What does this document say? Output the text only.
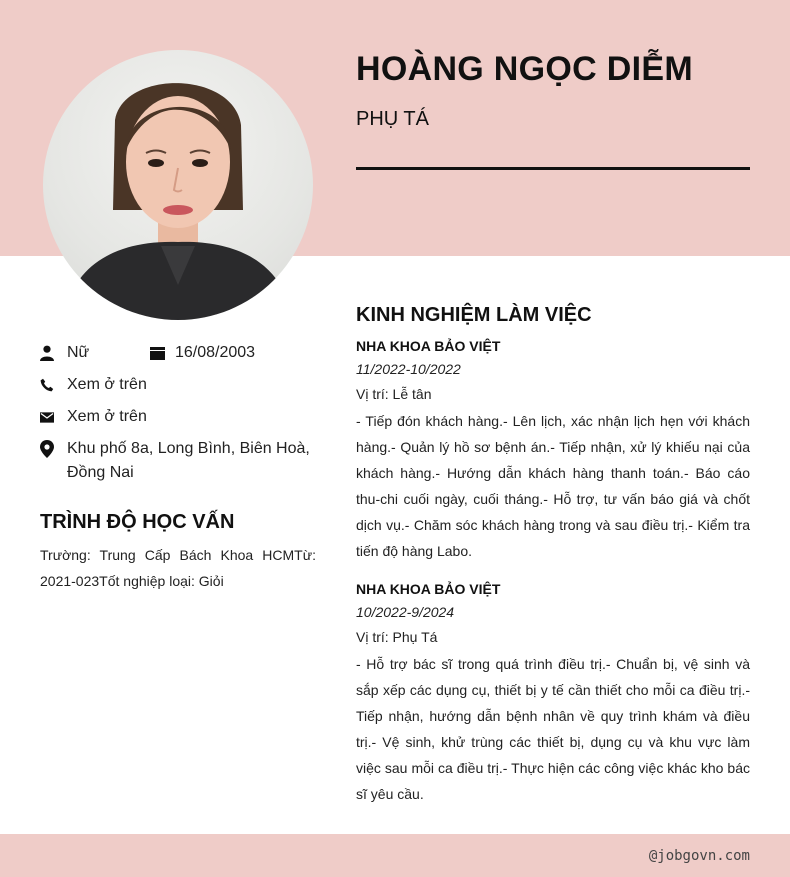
HOÀNG NGỌC DIỄM
PHỤ TÁ
Nữ	16/08/2003
Xem ở trên
Xem ở trên
Khu phố 8a, Long Bình, Biên Hoà, Đồng Nai
TRÌNH ĐỘ HỌC VẤN
Trường: Trung Cấp Bách Khoa HCMTừ: 2021-023Tốt nghiệp loại: Giỏi
KINH NGHIỆM LÀM VIỆC
NHA KHOA BẢO VIỆT
11/2022-10/2022
Vị trí: Lễ tân
- Tiếp đón khách hàng.- Lên lịch, xác nhận lịch hẹn với khách hàng.- Quản lý hồ sơ bệnh án.- Tiếp nhận, xử lý khiếu nại của khách hàng.- Hướng dẫn khách hàng thanh toán.- Báo cáo thu-chi cuối ngày, cuối tháng.- Hỗ trợ, tư vấn báo giá và chốt dịch vụ.- Chăm sóc khách hàng trong và sau điều trị.- Kiểm tra tiến độ hàng Labo.
NHA KHOA BẢO VIỆT
10/2022-9/2024
Vị trí: Phụ Tá
- Hỗ trợ bác sĩ trong quá trình điều trị.- Chuẩn bị, vệ sinh và sắp xếp các dụng cụ, thiết bị y tế cần thiết cho mỗi ca điều trị.- Tiếp nhận, hướng dẫn bệnh nhân về quy trình khám và điều trị.- Vệ sinh, khử trùng các thiết bị, dụng cụ và khu vực làm việc sau mỗi ca điều trị.- Thực hiện các công việc khác kho bác sĩ yêu cầu.
@jobgovn.com
